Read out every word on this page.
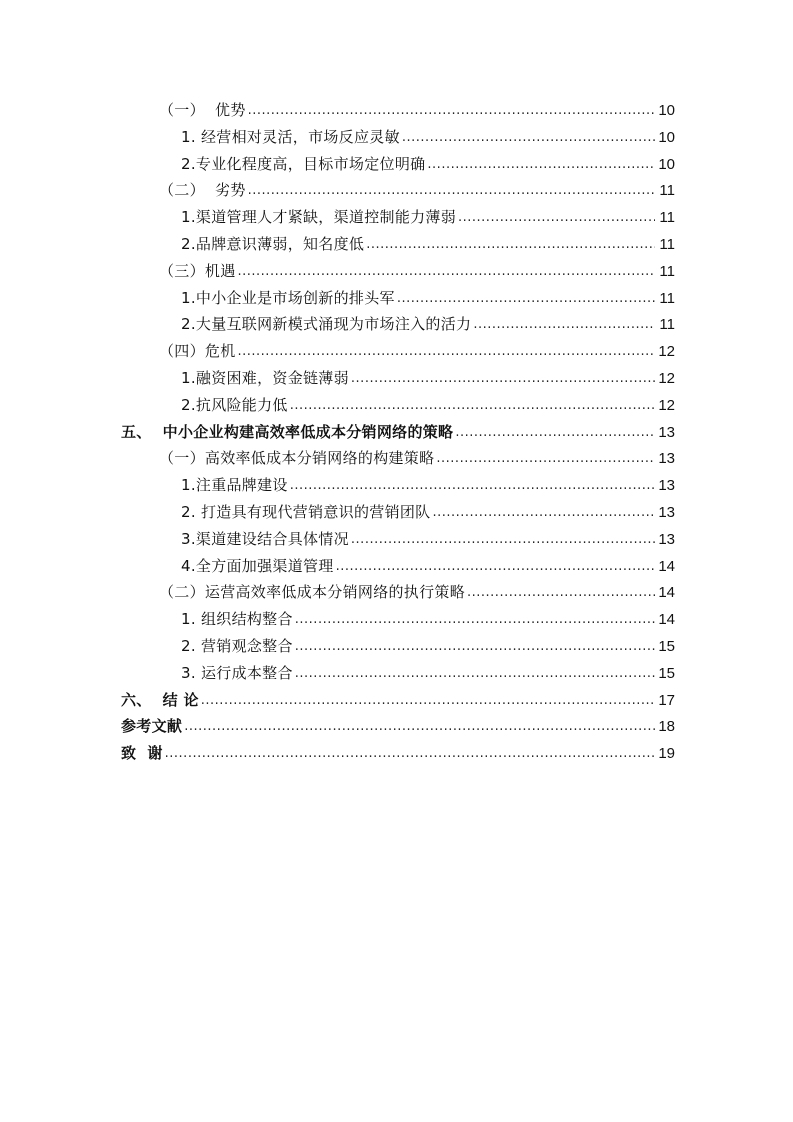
（一）  优势 .....	10
1. 经营相对灵活，市场反应灵敏 .....	10
2.专业化程度高，目标市场定位明确 .....	10
（二）  劣势 .....	11
1.渠道管理人才紧缺，渠道控制能力薄弱 .....	11
2.品牌意识薄弱，知名度低 .....	11
（三）机遇 .....	11
1.中小企业是市场创新的排头军 .....	11
2.大量互联网新模式涌现为市场注入的活力 .....	11
（四）危机 .....	12
1.融资困难，资金链薄弱 .....	12
2.抗风险能力低 .....	12
五、  中小企业构建高效率低成本分销网络的策略 .....	13
（一）高效率低成本分销网络的构建策略 .....	13
1.注重品牌建设 .....	13
2. 打造具有现代营销意识的营销团队 .....	13
3.渠道建设结合具体情况 .....	13
4.全方面加强渠道管理 .....	14
（二）运营高效率低成本分销网络的执行策略 .....	14
1. 组织结构整合 .....	14
2. 营销观念整合 .....	15
3. 运行成本整合 .....	15
六、  结 论 .....	17
参考文献 .....	18
致  谢 .....	19
